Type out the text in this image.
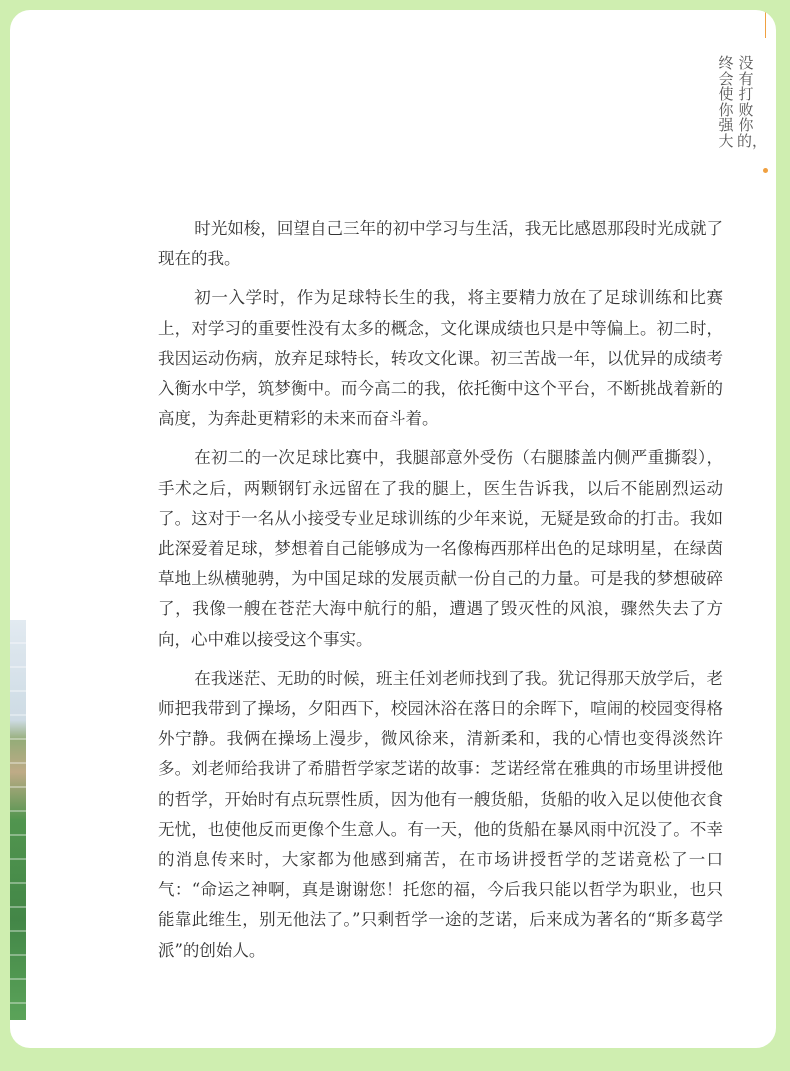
没有打败你的，
终会使你强大

时光如梭，回望自己三年的初中学习与生活，我无比感恩那段时光成就了现在的我。

初一入学时，作为足球特长生的我，将主要精力放在了足球训练和比赛上，对学习的重要性没有太多的概念，文化课成绩也只是中等偏上。初二时，我因运动伤病，放弃足球特长，转攻文化课。初三苦战一年，以优异的成绩考入衡水中学，筑梦衡中。而今高二的我，依托衡中这个平台，不断挑战着新的高度，为奔赴更精彩的未来而奋斗着。

在初二的一次足球比赛中，我腿部意外受伤（右腿膝盖内侧严重撕裂），手术之后，两颗钢钉永远留在了我的腿上，医生告诉我，以后不能剧烈运动了。这对于一名从小接受专业足球训练的少年来说，无疑是致命的打击。我如此深爱着足球，梦想着自己能够成为一名像梅西那样出色的足球明星，在绿茵草地上纵横驰骋，为中国足球的发展贡献一份自己的力量。可是我的梦想破碎了，我像一艘在苍茫大海中航行的船，遭遇了毁灭性的风浪，骤然失去了方向，心中难以接受这个事实。

在我迷茫、无助的时候，班主任刘老师找到了我。犹记得那天放学后，老师把我带到了操场，夕阳西下，校园沐浴在落日的余晖下，喧闹的校园变得格外宁静。我俩在操场上漫步，微风徐来，清新柔和，我的心情也变得淡然许多。刘老师给我讲了希腊哲学家芝诺的故事：芝诺经常在雅典的市场里讲授他的哲学，开始时有点玩票性质，因为他有一艘货船，货船的收入足以使他衣食无忧，也使他反而更像个生意人。有一天，他的货船在暴风雨中沉没了。不幸的消息传来时，大家都为他感到痛苦，在市场讲授哲学的芝诺竟松了一口气：“命运之神啊，真是谢谢您！托您的福，今后我只能以哲学为职业，也只能靠此维生，别无他法了。”只剩哲学一途的芝诺，后来成为著名的“斯多葛学派”的创始人。
